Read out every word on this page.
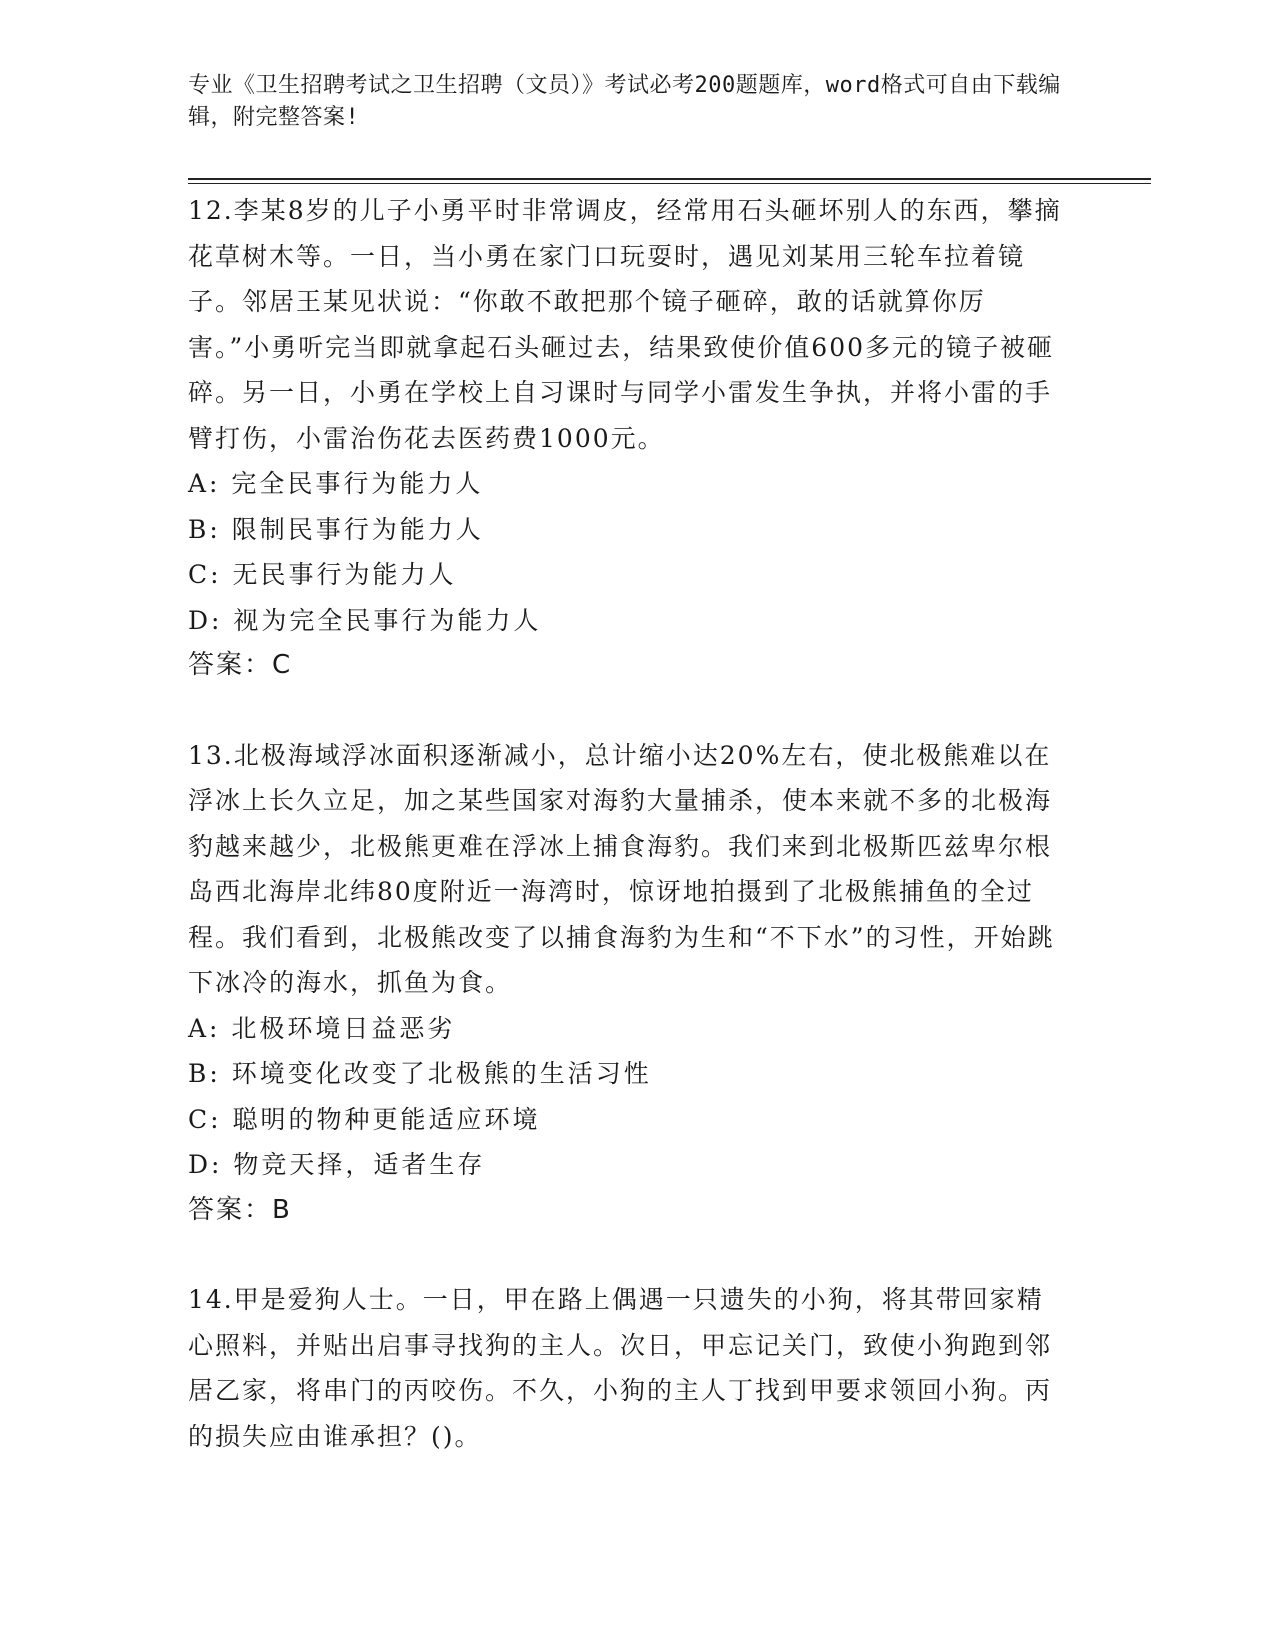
专业《卫生招聘考试之卫生招聘（文员）》考试必考200题题库，word格式可自由下载编辑，附完整答案!

12.李某8岁的儿子小勇平时非常调皮，经常用石头砸坏别人的东西，攀摘花草树木等。一日，当小勇在家门口玩耍时，遇见刘某用三轮车拉着镜子。邻居王某见状说：“你敢不敢把那个镜子砸碎，敢的话就算你厉害。”小勇听完当即就拿起石头砸过去，结果致使价值600多元的镜子被砸碎。另一日，小勇在学校上自习课时与同学小雷发生争执，并将小雷的手臂打伤，小雷治伤花去医药费1000元。

A: 完全民事行为能力人

B: 限制民事行为能力人

C: 无民事行为能力人

D: 视为完全民事行为能力人

答案：C

13.北极海域浮冰面积逐渐减小，总计缩小达20%左右，使北极熊难以在浮冰上长久立足，加之某些国家对海豹大量捕杀，使本来就不多的北极海豹越来越少，北极熊更难在浮冰上捕食海豹。我们来到北极斯匹兹卑尔根岛西北海岸北纬80度附近一海湾时，惊讶地拍摄到了北极熊捕鱼的全过程。我们看到，北极熊改变了以捕食海豹为生和“不下水”的习性，开始跳下冰冷的海水，抓鱼为食。

A: 北极环境日益恶劣

B: 环境变化改变了北极熊的生活习性

C: 聪明的物种更能适应环境

D: 物竞天择，适者生存

答案：B

14.甲是爱狗人士。一日，甲在路上偶遇一只遗失的小狗，将其带回家精心照料，并贴出启事寻找狗的主人。次日，甲忘记关门，致使小狗跑到邻居乙家，将串门的丙咬伤。不久，小狗的主人丁找到甲要求领回小狗。丙的损失应由谁承担？()。
